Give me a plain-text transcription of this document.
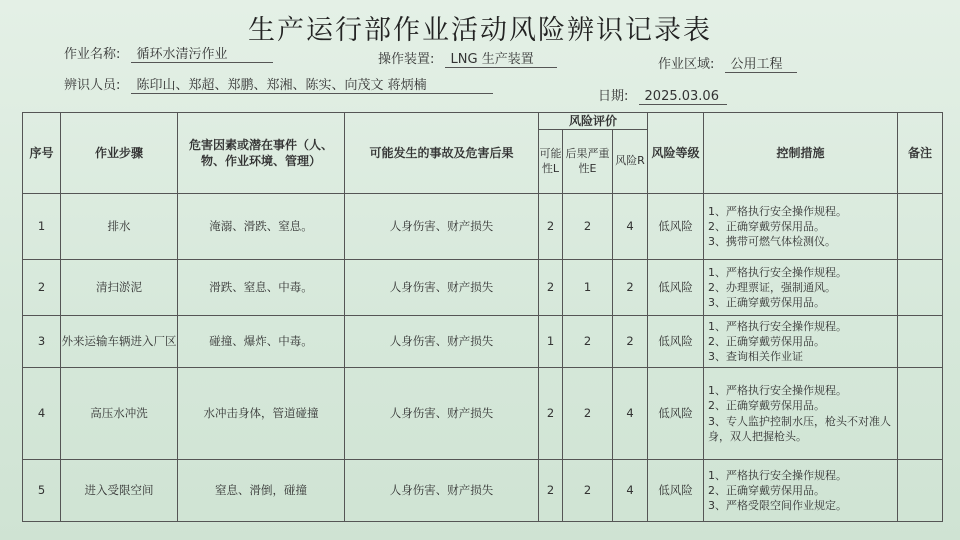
生产运行部作业活动风险辨识记录表
作业名称: 循环水清污作业	操作装置: LNG 生产装置	作业区域: 公用工程
辨识人员: 陈印山、郑超、郑鹏、郑湘、陈实、向茂文 蒋炳楠
日期: 2025.03.06
序号	作业步骤	危害因素或潜在事件（人、物、作业环境、管理）	可能发生的事故及危害后果	风险评价			风险等级	控制措施	备注
				可能性L	后果严重性E	风险R			
1	排水	淹溺、滑跌、窒息。	人身伤害、财产损失	2	2	4	低风险	1、严格执行安全操作规程。
2、正确穿戴劳保用品。
3、携带可燃气体检测仪。	

2	清扫淤泥	滑跌、窒息、中毒。	人身伤害、财产损失	2	1	2	低风险	1、严格执行安全操作规程。
2、办理票证，强制通风。
3、正确穿戴劳保用品。	

3	外来运输车辆进入厂区	碰撞、爆炸、中毒。	人身伤害、财产损失	1	2	2	低风险	1、严格执行安全操作规程。
2、正确穿戴劳保用品。
3、查询相关作业证	

4	高压水冲洗	水冲击身体，管道碰撞	人身伤害、财产损失	2	2	4	低风险	1、严格执行安全操作规程。
2、正确穿戴劳保用品。
3、专人监护控制水压，枪头不对准人
身，双人把握枪头。	

5	进入受限空间	窒息、滑倒，碰撞	人身伤害、财产损失	2	2	4	低风险	1、严格执行安全操作规程。
2、正确穿戴劳保用品。
3、严格受限空间作业规定。	
